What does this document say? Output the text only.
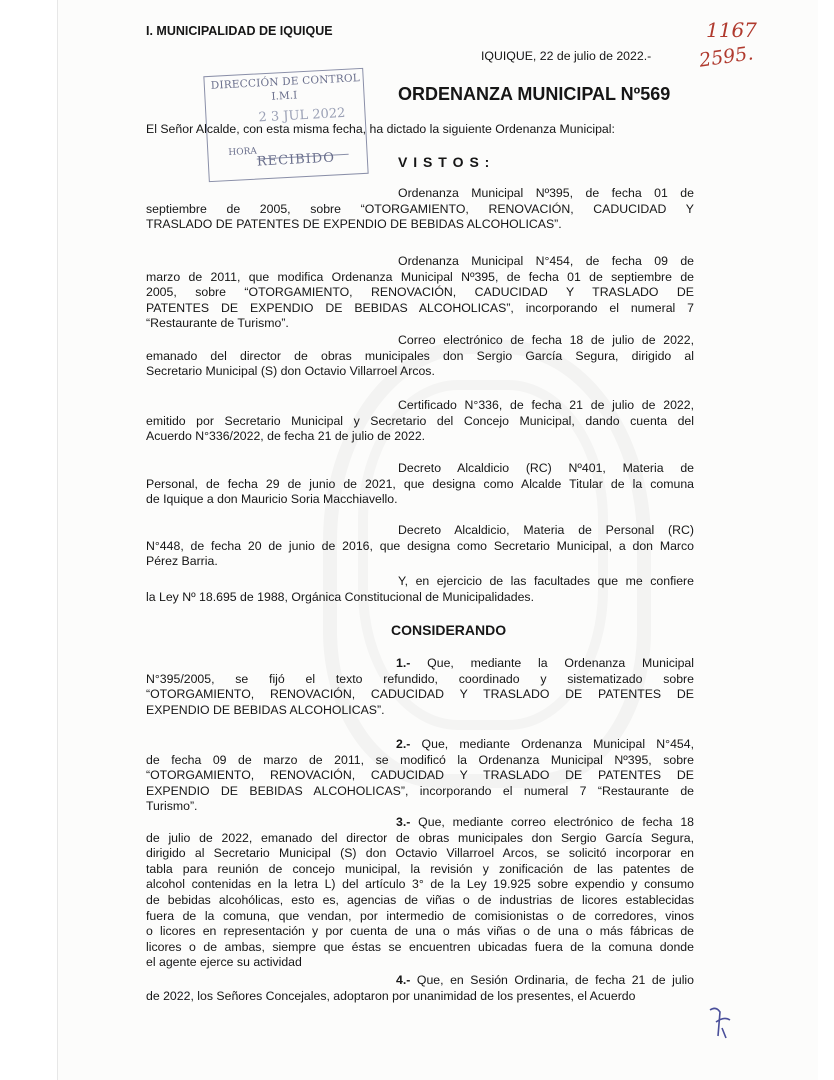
I. MUNICIPALIDAD DE IQUIQUE
IQUIQUE, 22 de julio de 2022.-
ORDENANZA MUNICIPAL Nº569
1167
2595.
DIRECCIÓN DE CONTROL
I.M.I
2 3 JUL 2022
HORA RECIBIDO
El Señor Alcalde, con esta misma fecha, ha dictado la siguiente Ordenanza Municipal:
V I S T O S :
Ordenanza Municipal Nº395, de fecha 01 de
septiembre de 2005, sobre “OTORGAMIENTO, RENOVACIÓN, CADUCIDAD Y
TRASLADO DE PATENTES DE EXPENDIO DE BEBIDAS ALCOHOLICAS”.
Ordenanza Municipal N°454, de fecha 09 de
marzo de 2011, que modifica Ordenanza Municipal Nº395, de fecha 01 de septiembre de
2005, sobre “OTORGAMIENTO, RENOVACIÓN, CADUCIDAD Y TRASLADO DE
PATENTES DE EXPENDIO DE BEBIDAS ALCOHOLICAS”, incorporando el numeral 7
“Restaurante de Turismo”.
Correo electrónico de fecha 18 de julio de 2022,
emanado del director de obras municipales don Sergio García Segura, dirigido al
Secretario Municipal (S) don Octavio Villarroel Arcos.
Certificado N°336, de fecha 21 de julio de 2022,
emitido por Secretario Municipal y Secretario del Concejo Municipal, dando cuenta del
Acuerdo N°336/2022, de fecha 21 de julio de 2022.
Decreto Alcaldicio (RC) Nº401, Materia de
Personal, de fecha 29 de junio de 2021, que designa como Alcalde Titular de la comuna
de Iquique a don Mauricio Soria Macchiavello.
Decreto Alcaldicio, Materia de Personal (RC)
N°448, de fecha 20 de junio de 2016, que designa como Secretario Municipal, a don Marco
Pérez Barria.
Y, en ejercicio de las facultades que me confiere
la Ley Nº 18.695 de 1988, Orgánica Constitucional de Municipalidades.
CONSIDERANDO
1.- Que, mediante la Ordenanza Municipal
N°395/2005, se fijó el texto refundido, coordinado y sistematizado sobre
“OTORGAMIENTO, RENOVACIÓN, CADUCIDAD Y TRASLADO DE PATENTES DE
EXPENDIO DE BEBIDAS ALCOHOLICAS”.
2.- Que, mediante Ordenanza Municipal N°454,
de fecha 09 de marzo de 2011, se modificó la Ordenanza Municipal Nº395, sobre
“OTORGAMIENTO, RENOVACIÓN, CADUCIDAD Y TRASLADO DE PATENTES DE
EXPENDIO DE BEBIDAS ALCOHOLICAS”, incorporando el numeral 7 “Restaurante de
Turismo”.
3.- Que, mediante correo electrónico de fecha 18
de julio de 2022, emanado del director de obras municipales don Sergio García Segura,
dirigido al Secretario Municipal (S) don Octavio Villarroel Arcos, se solicitó incorporar en
tabla para reunión de concejo municipal, la revisión y zonificación de las patentes de
alcohol contenidas en la letra L) del artículo 3° de la Ley 19.925 sobre expendio y consumo
de bebidas alcohólicas, esto es, agencias de viñas o de industrias de licores establecidas
fuera de la comuna, que vendan, por intermedio de comisionistas o de corredores, vinos
o licores en representación y por cuenta de una o más viñas o de una o más fábricas de
licores o de ambas, siempre que éstas se encuentren ubicadas fuera de la comuna donde
el agente ejerce su actividad
4.- Que, en Sesión Ordinaria, de fecha 21 de julio
de 2022, los Señores Concejales, adoptaron por unanimidad de los presentes, el Acuerdo
